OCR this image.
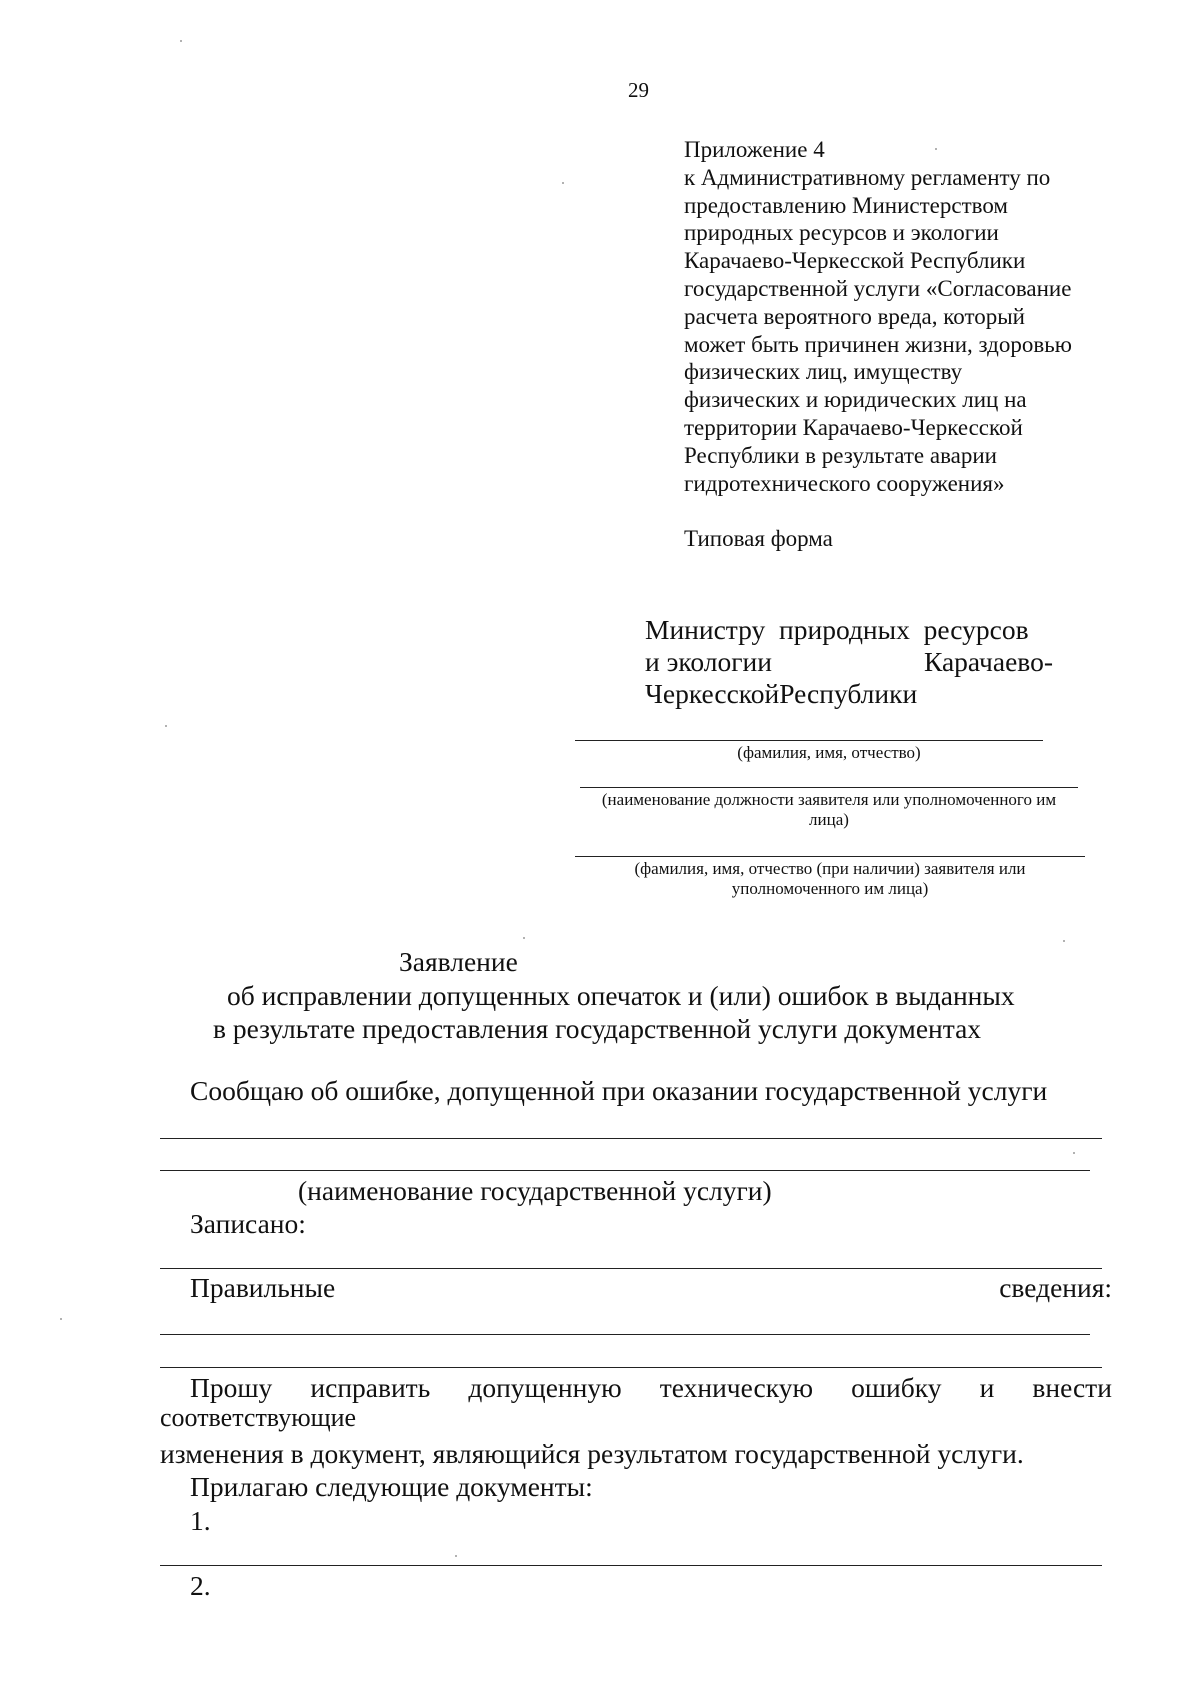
29
Приложение 4
к Административному регламенту по
предоставлению Министерством
природных ресурсов и экологии
Карачаево-Черкесской Республики
государственной услуги «Согласование
расчета вероятного вреда, который
может быть причинен жизни, здоровью
физических лиц, имуществу
физических и юридических лиц на
территории Карачаево-Черкесской
Республики в результате аварии
гидротехнического сооружения»
Типовая форма
Министру  природных  ресурсов
и экологии	Карачаево-
ЧеркесскойРеспублики
(фамилия, имя, отчество)
(наименование должности заявителя или уполномоченного им
лица)
(фамилия, имя, отчество (при наличии) заявителя или
уполномоченного им лица)
Заявление
об исправлении допущенных опечаток и (или) ошибок в выданных
в результате предоставления государственной услуги документах
Сообщаю об ошибке, допущенной при оказании государственной услуги
(наименование государственной услуги)
Записано:
Правильные	сведения:
Прошу исправить допущенную техническую ошибку и внести
соответствующие
изменения в документ, являющийся результатом государственной услуги.
Прилагаю следующие документы:
1.
2.
